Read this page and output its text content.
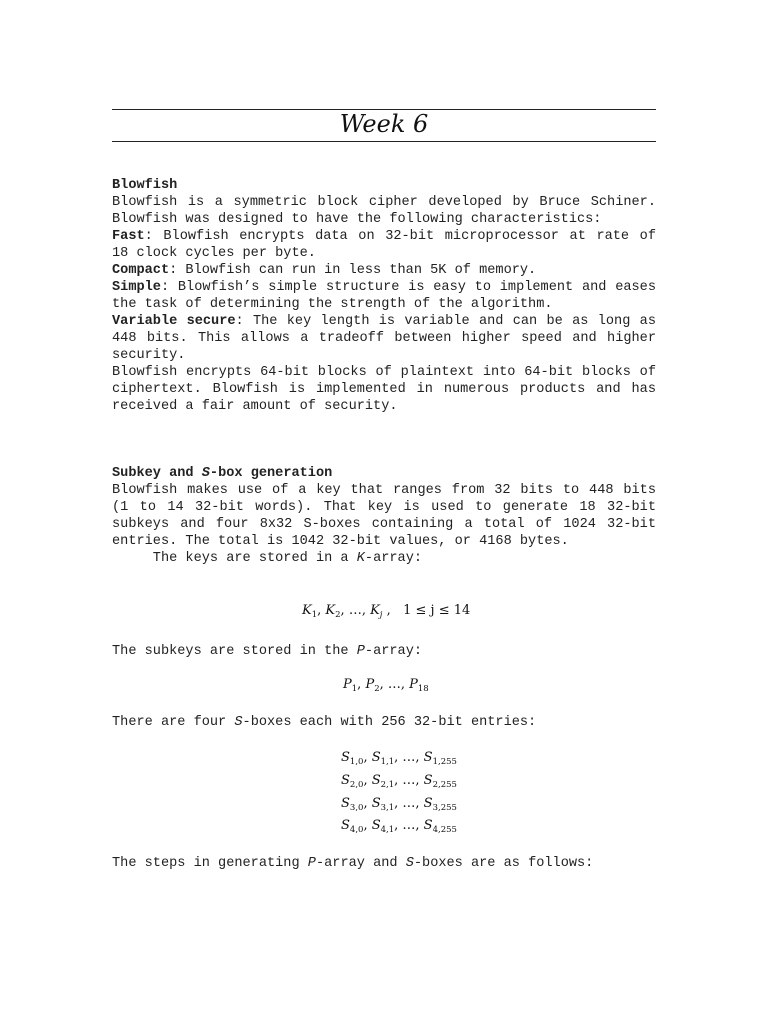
Week 6
Blowfish
Blowfish is a symmetric block cipher developed by Bruce Schiner. Blowfish was designed to have the following characteristics:
Fast: Blowfish encrypts data on 32-bit microprocessor at rate of 18 clock cycles per byte.
Compact: Blowfish can run in less than 5K of memory.
Simple: Blowfish’s simple structure is easy to implement and eases the task of determining the strength of the algorithm.
Variable secure: The key length is variable and can be as long as 448 bits. This allows a tradeoff between higher speed and higher security.
Blowfish encrypts 64-bit blocks of plaintext into 64-bit blocks of ciphertext. Blowfish is implemented in numerous products and has received a fair amount of security.
Subkey and S-box generation
Blowfish makes use of a key that ranges from 32 bits to 448 bits (1 to 14 32-bit words). That key is used to generate 18 32-bit subkeys and four 8x32 S-boxes containing a total of 1024 32-bit entries. The total is 1042 32-bit values, or 4168 bytes.
The keys are stored in a K-array:
$K_1$, $K_2$, …, $K_j$ ,   1 ≤ j ≤ 14
The subkeys are stored in the P-array:
$P_1$, $P_2$, …, $P_{18}$
There are four S-boxes each with 256 32-bit entries:
$S_{1,0}$, $S_{1,1}$, …, $S_{1,255}$
$S_{2,0}$, $S_{2,1}$, …, $S_{2,255}$
$S_{3,0}$, $S_{3,1}$, …, $S_{3,255}$
$S_{4,0}$, $S_{4,1}$, …, $S_{4,255}$
The steps in generating P-array and S-boxes are as follows:
